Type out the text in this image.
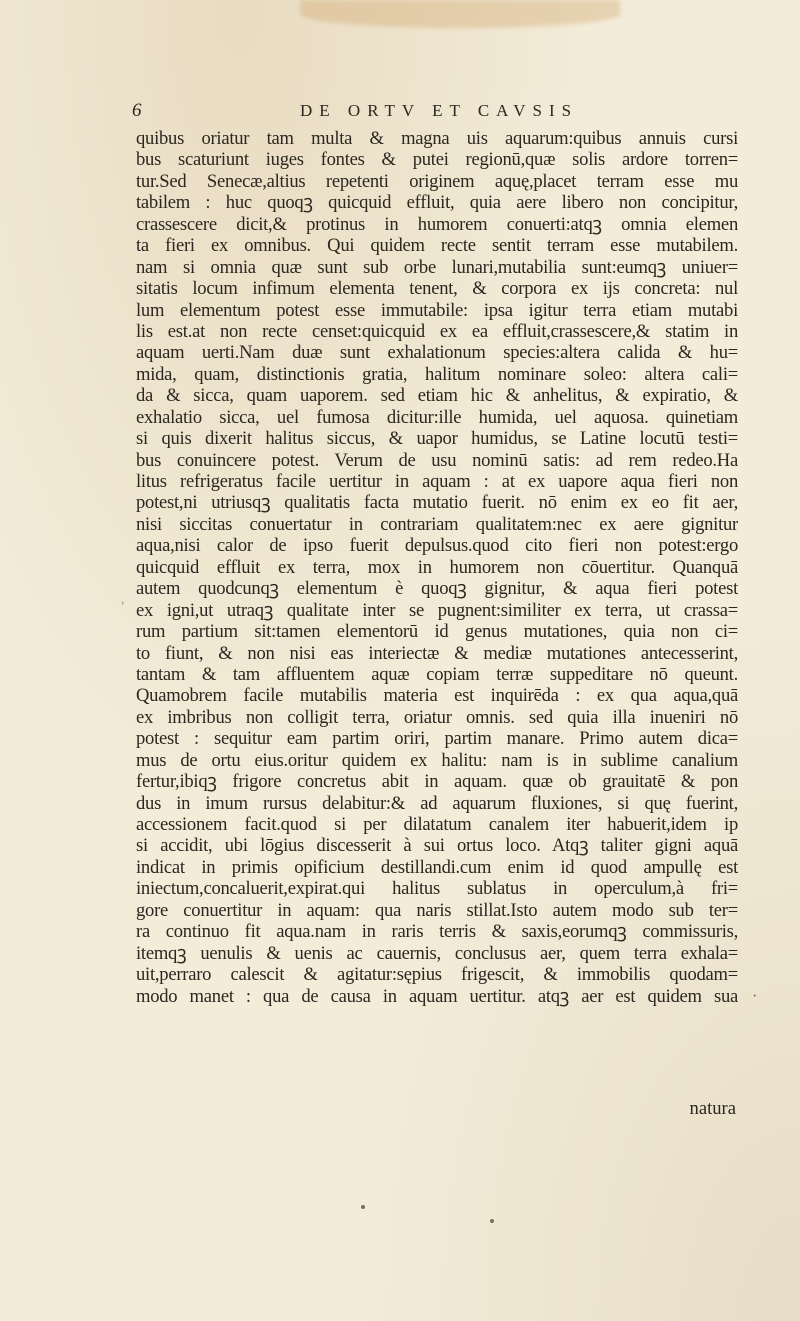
6	DE ORTV ET CAVSIS
quibus oriatur tam multa & magna uis aquarum:quibus annuis cursi
bus scaturiunt iuges fontes & putei regionū,quæ solis ardore torren=
tur.Sed Senecæ,altius repetenti originem aquę,placet terram esse mu
tabilem : huc quoqꝫ quicquid effluit, quia aere libero non concipitur,
crassescere dicit,& protinus in humorem conuerti:atqꝫ omnia elemen
ta fieri ex omnibus. Qui quidem recte sentit terram esse mutabilem.
nam si omnia quæ sunt sub orbe lunari,mutabilia sunt:eumqꝫ uniuer=
sitatis locum infimum elementa tenent, & corpora ex ijs concreta: nul
lum elementum potest esse immutabile: ipsa igitur terra etiam mutabi
lis est.at non recte censet:quicquid ex ea effluit,crassescere,& statim in
aquam uerti.Nam duæ sunt exhalationum species:altera calida & hu=
mida, quam, distinctionis gratia, halitum nominare soleo: altera cali=
da & sicca, quam uaporem. sed etiam hic & anhelitus, & expiratio, &
exhalatio sicca, uel fumosa dicitur:ille humida, uel aquosa. quinetiam
si quis dixerit halitus siccus, & uapor humidus, se Latine locutū testi=
bus conuincere potest. Verum de usu nominū satis: ad rem redeo.Ha
litus refrigeratus facile uertitur in aquam : at ex uapore aqua fieri non
potest,ni utriusqꝫ qualitatis facta mutatio fuerit. nō enim ex eo fit aer,
nisi siccitas conuertatur in contrariam qualitatem:nec ex aere gignitur
aqua,nisi calor de ipso fuerit depulsus.quod cito fieri non potest:ergo
quicquid effluit ex terra, mox in humorem non cōuertitur. Quanquā
autem quodcunqꝫ elementum è quoqꝫ gignitur, & aqua fieri potest
ex igni,ut utraqꝫ qualitate inter se pugnent:similiter ex terra, ut crassa=
rum partium sit:tamen elementorū id genus mutationes, quia non ci=
to fiunt, & non nisi eas interiectæ & mediæ mutationes antecesserint,
tantam & tam affluentem aquæ copiam terræ suppeditare nō queunt.
Quamobrem facile mutabilis materia est inquirēda : ex qua aqua,quā
ex imbribus non colligit terra, oriatur omnis. sed quia illa inueniri nō
potest : sequitur eam partim oriri, partim manare. Primo autem dica=
mus de ortu eius.oritur quidem ex halitu: nam is in sublime canalium
fertur,ibiqꝫ frigore concretus abit in aquam. quæ ob grauitatē & pon
dus in imum rursus delabitur:& ad aquarum fluxiones, si quę fuerint,
accessionem facit.quod si per dilatatum canalem iter habuerit,idem ip
si accidit, ubi lōgius discesserit à sui ortus loco. Atqꝫ taliter gigni aquā
indicat in primis opificium destillandi.cum enim id quod ampullę est
iniectum,concaluerit,expirat.qui halitus sublatus in operculum,à fri=
gore conuertitur in aquam: qua naris stillat.Isto autem modo sub ter=
ra continuo fit aqua.nam in raris terris & saxis,eorumqꝫ commissuris,
itemqꝫ uenulis & uenis ac cauernis, conclusus aer, quem terra exhala=
uit,perraro calescit & agitatur:sępius frigescit, & immobilis quodam=
modo manet : qua de causa in aquam uertitur. atqꝫ aer est quidem sua
natura
ʾ
·
